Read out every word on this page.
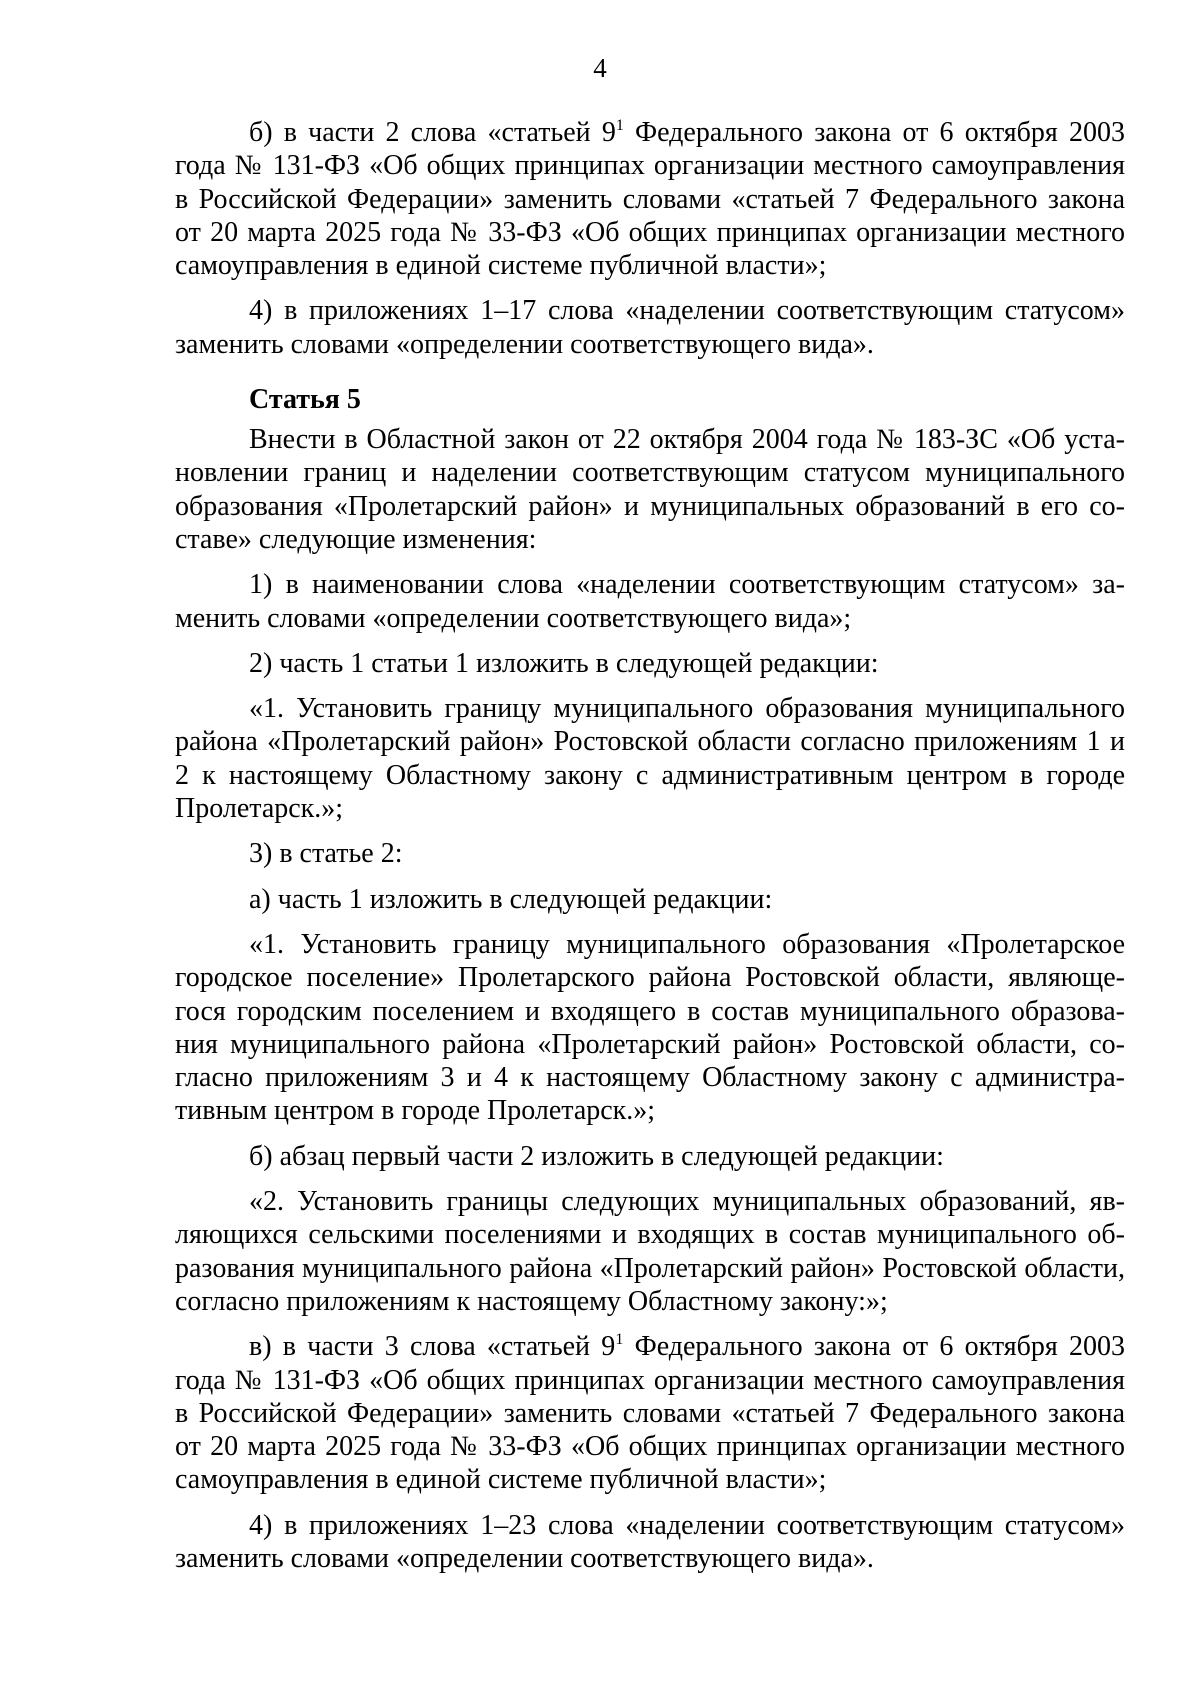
4

б) в части 2 слова «статьей $9^1$ Федерального закона от 6 октября 2003 года № 131-ФЗ «Об общих принципах организации местного самоуправления в Российской Федерации» заменить словами «статьей 7 Федерального закона от 20 марта 2025 года № 33-ФЗ «Об общих принципах организации местного самоуправления в единой системе публичной власти»;

4) в приложениях 1–17 слова «наделении соответствующим статусом» заменить словами «определении соответствующего вида».

Статья 5

Внести в Областной закон от 22 октября 2004 года № 183-ЗС «Об установлении границ и наделении соответствующим статусом муниципального образования «Пролетарский район» и муниципальных образований в его составе» следующие изменения:

1) в наименовании слова «наделении соответствующим статусом» заменить словами «определении соответствующего вида»;

2) часть 1 статьи 1 изложить в следующей редакции:

«1. Установить границу муниципального образования муниципального района «Пролетарский район» Ростовской области согласно приложениям 1 и 2 к настоящему Областному закону с административным центром в городе Пролетарск.»;

3) в статье 2:

а) часть 1 изложить в следующей редакции:

«1. Установить границу муниципального образования «Пролетарское городское поселение» Пролетарского района Ростовской области, являющегося городским поселением и входящего в состав муниципального образования муниципального района «Пролетарский район» Ростовской области, согласно приложениям 3 и 4 к настоящему Областному закону с административным центром в городе Пролетарск.»;

б) абзац первый части 2 изложить в следующей редакции:

«2. Установить границы следующих муниципальных образований, являющихся сельскими поселениями и входящих в состав муниципального образования муниципального района «Пролетарский район» Ростовской области, согласно приложениям к настоящему Областному закону:»;

в) в части 3 слова «статьей $9^1$ Федерального закона от 6 октября 2003 года № 131-ФЗ «Об общих принципах организации местного самоуправления в Российской Федерации» заменить словами «статьей 7 Федерального закона от 20 марта 2025 года № 33-ФЗ «Об общих принципах организации местного самоуправления в единой системе публичной власти»;

4) в приложениях 1–23 слова «наделении соответствующим статусом» заменить словами «определении соответствующего вида».
